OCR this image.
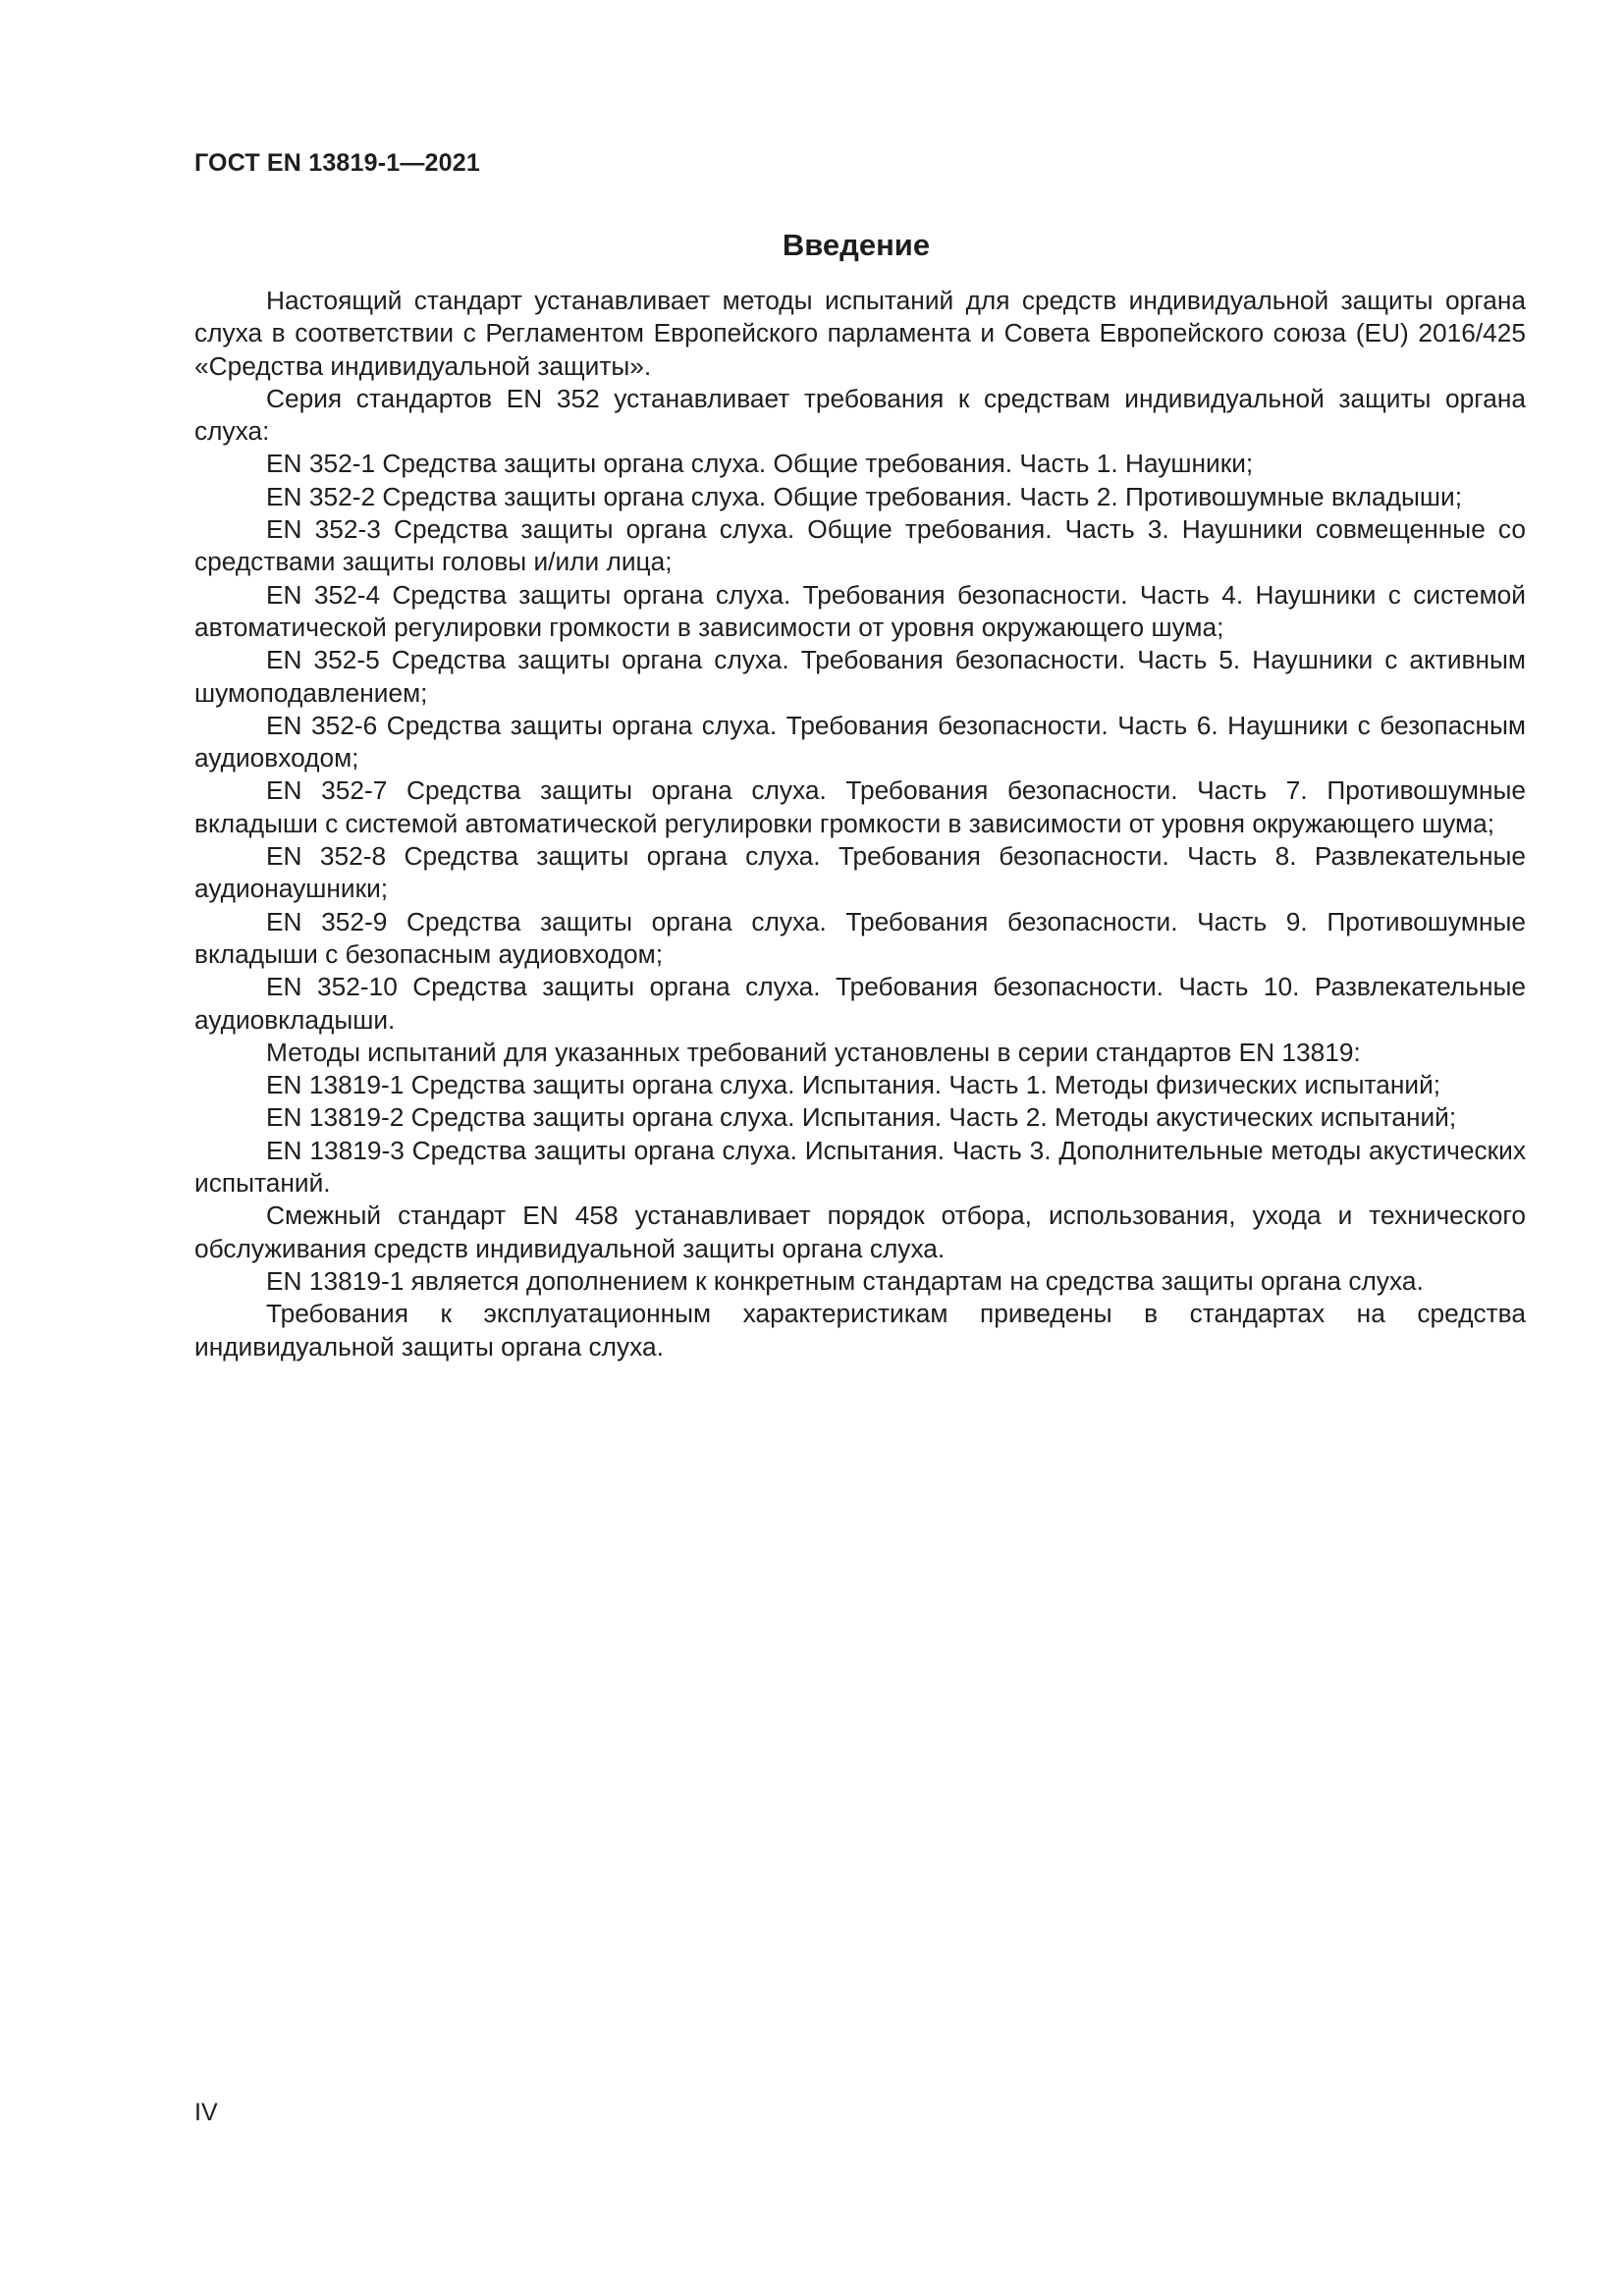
ГОСТ EN 13819-1—2021
Введение

Настоящий стандарт устанавливает методы испытаний для средств индивидуальной защиты органа слуха в соответствии с Регламентом Европейского парламента и Совета Европейского союза (EU) 2016/425 «Средства индивидуальной защиты».

Серия стандартов EN 352 устанавливает требования к средствам индивидуальной защиты органа слуха:

EN 352-1 Средства защиты органа слуха. Общие требования. Часть 1. Наушники;

EN 352-2 Средства защиты органа слуха. Общие требования. Часть 2. Противошумные вкладыши;

EN 352-3 Средства защиты органа слуха. Общие требования. Часть 3. Наушники совмещенные со средствами защиты головы и/или лица;

EN 352-4 Средства защиты органа слуха. Требования безопасности. Часть 4. Наушники с системой автоматической регулировки громкости в зависимости от уровня окружающего шума;

EN 352-5 Средства защиты органа слуха. Требования безопасности. Часть 5. Наушники с активным шумоподавлением;

EN 352-6 Средства защиты органа слуха. Требования безопасности. Часть 6. Наушники с безопасным аудиовходом;

EN 352-7 Средства защиты органа слуха. Требования безопасности. Часть 7. Противошумные вкладыши с системой автоматической регулировки громкости в зависимости от уровня окружающего шума;

EN 352-8 Средства защиты органа слуха. Требования безопасности. Часть 8. Развлекательные аудионаушники;

EN 352-9 Средства защиты органа слуха. Требования безопасности. Часть 9. Противошумные вкладыши с безопасным аудиовходом;

EN 352-10 Средства защиты органа слуха. Требования безопасности. Часть 10. Развлекательные аудиовкладыши.

Методы испытаний для указанных требований установлены в серии стандартов EN 13819:

EN 13819-1 Средства защиты органа слуха. Испытания. Часть 1. Методы физических испытаний;

EN 13819-2 Средства защиты органа слуха. Испытания. Часть 2. Методы акустических испытаний;

EN 13819-3 Средства защиты органа слуха. Испытания. Часть 3. Дополнительные методы акустических испытаний.

Смежный стандарт EN 458 устанавливает порядок отбора, использования, ухода и технического обслуживания средств индивидуальной защиты органа слуха.

EN 13819-1 является дополнением к конкретным стандартам на средства защиты органа слуха.

Требования к эксплуатационным характеристикам приведены в стандартах на средства индивидуальной защиты органа слуха.

IV
